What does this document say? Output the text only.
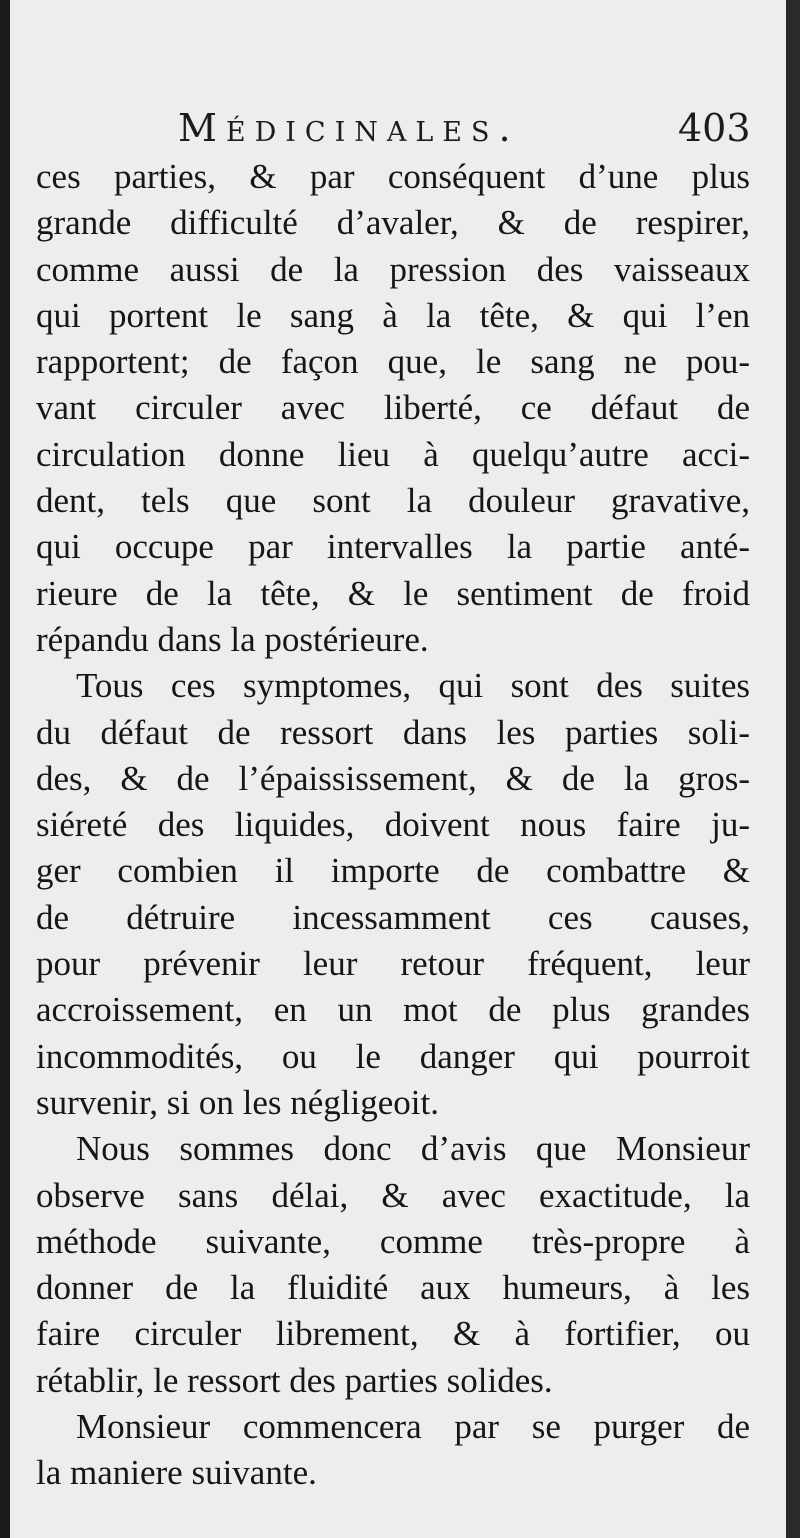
Médicinales.	403
ces parties, & par conséquent d’une plus
grande difficulté d’avaler, & de respirer,
comme aussi de la pression des vaisseaux
qui portent le sang à la tête, & qui l’en
rapportent; de façon que, le sang ne pou-
vant circuler avec liberté, ce défaut de
circulation donne lieu à quelqu’autre acci-
dent, tels que sont la douleur gravative,
qui occupe par intervalles la partie anté-
rieure de la tête, & le sentiment de froid
répandu dans la postérieure.
Tous ces symptomes, qui sont des suites
du défaut de ressort dans les parties soli-
des, & de l’épaississement, & de la gros-
siéreté des liquides, doivent nous faire ju-
ger combien il importe de combattre &
de détruire incessamment ces causes,
pour prévenir leur retour fréquent, leur
accroissement, en un mot de plus grandes
incommodités, ou le danger qui pourroit
survenir, si on les négligeoit.
Nous sommes donc d’avis que Monsieur
observe sans délai, & avec exactitude, la
méthode suivante, comme très-propre à
donner de la fluidité aux humeurs, à les
faire circuler librement, & à fortifier, ou
rétablir, le ressort des parties solides.
Monsieur commencera par se purger de
la maniere suivante.
